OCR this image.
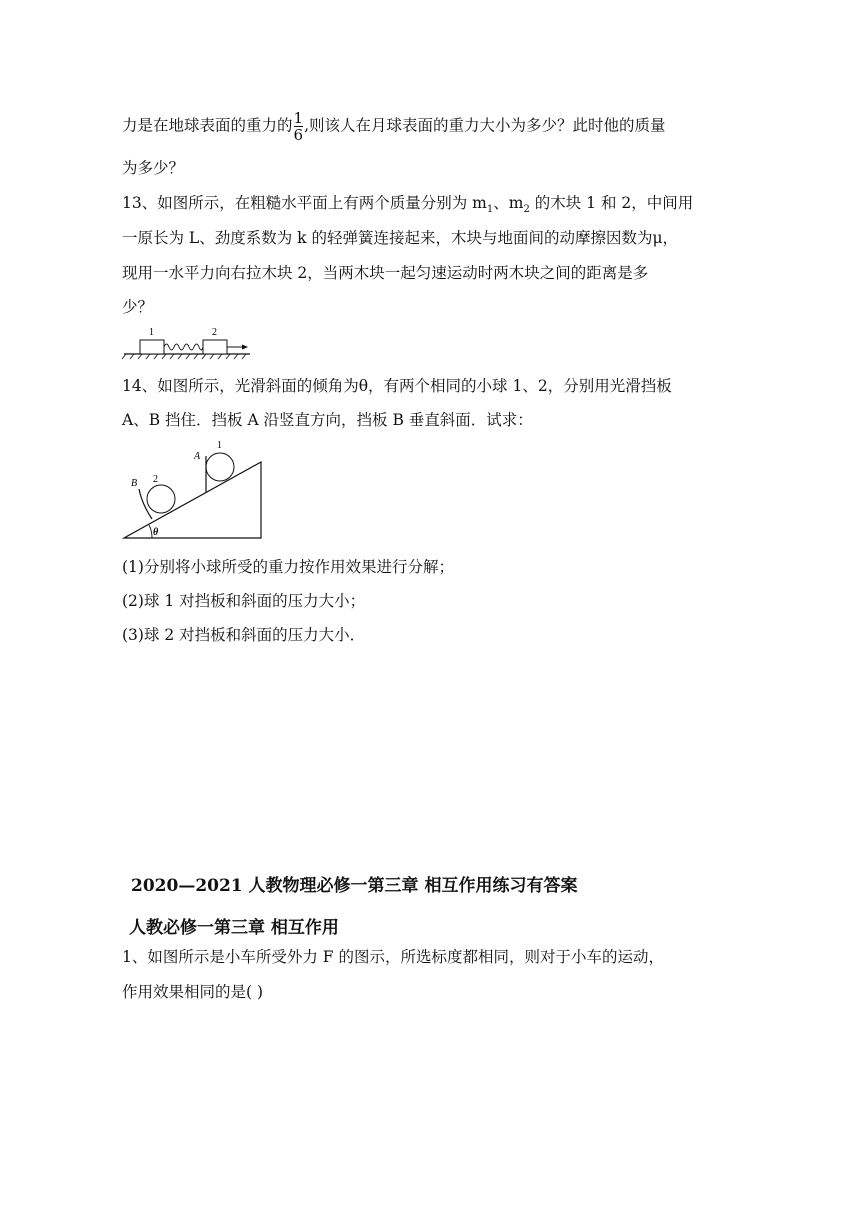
力是在地球表面的重力的 $\frac{1}{6}$ ,则该人在月球表面的重力大小为多少？此时他的质量
为多少？
13、如图所示，在粗糙水平面上有两个质量分别为 $m_1$、$m_2$ 的木块 1 和 2，中间用
一原长为 L、劲度系数为 k 的轻弹簧连接起来，木块与地面间的动摩擦因数为μ，
现用一水平力向右拉木块 2，当两木块一起匀速运动时两木块之间的距离是多
少？
1	2
14、如图所示，光滑斜面的倾角为θ，有两个相同的小球 1、2，分别用光滑挡板
A、B 挡住．挡板 A 沿竖直方向，挡板 B 垂直斜面．试求：
θ
1
2
A
B
(1)分别将小球所受的重力按作用效果进行分解；
(2)球 1 对挡板和斜面的压力大小；
(3)球 2 对挡板和斜面的压力大小．
2020—2021 人教物理必修一第三章 相互作用练习有答案
人教必修一第三章 相互作用
1、如图所示是小车所受外力 F 的图示，所选标度都相同，则对于小车的运动，
作用效果相同的是( )
